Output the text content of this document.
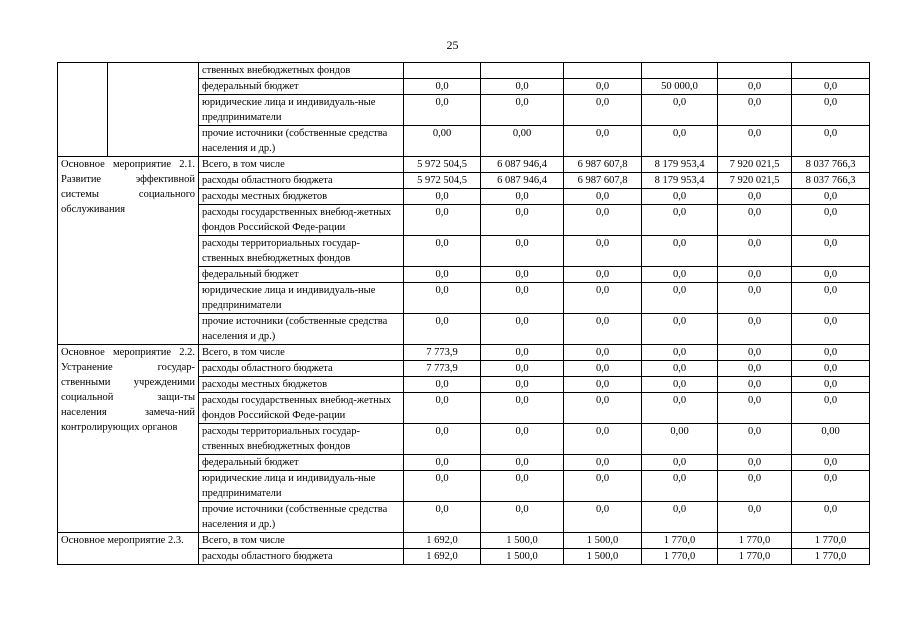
25
		ственных внебюджетных фондов						
		федеральный бюджет	0,0	0,0	0,0	50 000,0	0,0	0,0
		юридические лица и индивидуаль-ные предприниматели	0,0	0,0	0,0	0,0	0,0	0,0
		прочие источники (собственные средства населения и др.)	0,00	0,00	0,0	0,0	0,0	0,0
Основное мероприятие 2.1. Развитие эффективной системы социального обслуживания		Всего, в том числе	5 972 504,5	6 087 946,4	6 987 607,8	8 179 953,4	7 920 021,5	8 037 766,3
		расходы областного бюджета	5 972 504,5	6 087 946,4	6 987 607,8	8 179 953,4	7 920 021,5	8 037 766,3
		расходы местных бюджетов	0,0	0,0	0,0	0,0	0,0	0,0
		расходы государственных внебюд-жетных фондов Российской Феде-рации	0,0	0,0	0,0	0,0	0,0	0,0
		расходы территориальных государ-ственных внебюджетных фондов	0,0	0,0	0,0	0,0	0,0	0,0
		федеральный бюджет	0,0	0,0	0,0	0,0	0,0	0,0
		юридические лица и индивидуаль-ные предприниматели	0,0	0,0	0,0	0,0	0,0	0,0
		прочие источники (собственные средства населения и др.)	0,0	0,0	0,0	0,0	0,0	0,0
Основное мероприятие 2.2. Устранение государ-ственными учрежденими социальной защи-ты населения замеча-ний контролирующих органов		Всего, в том числе	7 773,9	0,0	0,0	0,0	0,0	0,0
		расходы областного бюджета	7 773,9	0,0	0,0	0,0	0,0	0,0
		расходы местных бюджетов	0,0	0,0	0,0	0,0	0,0	0,0
		расходы государственных внебюд-жетных фондов Российской Феде-рации	0,0	0,0	0,0	0,0	0,0	0,0
		расходы территориальных государ-ственных внебюджетных фондов	0,0	0,0	0,0	0,00	0,0	0,00
		федеральный бюджет	0,0	0,0	0,0	0,0	0,0	0,0
		юридические лица и индивидуаль-ные предприниматели	0,0	0,0	0,0	0,0	0,0	0,0
		прочие источники (собственные средства населения и др.)	0,0	0,0	0,0	0,0	0,0	0,0
Основное мероприятие 2.3.		Всего, в том числе	1 692,0	1 500,0	1 500,0	1 770,0	1 770,0	1 770,0
		расходы областного бюджета	1 692,0	1 500,0	1 500,0	1 770,0	1 770,0	1 770,0
